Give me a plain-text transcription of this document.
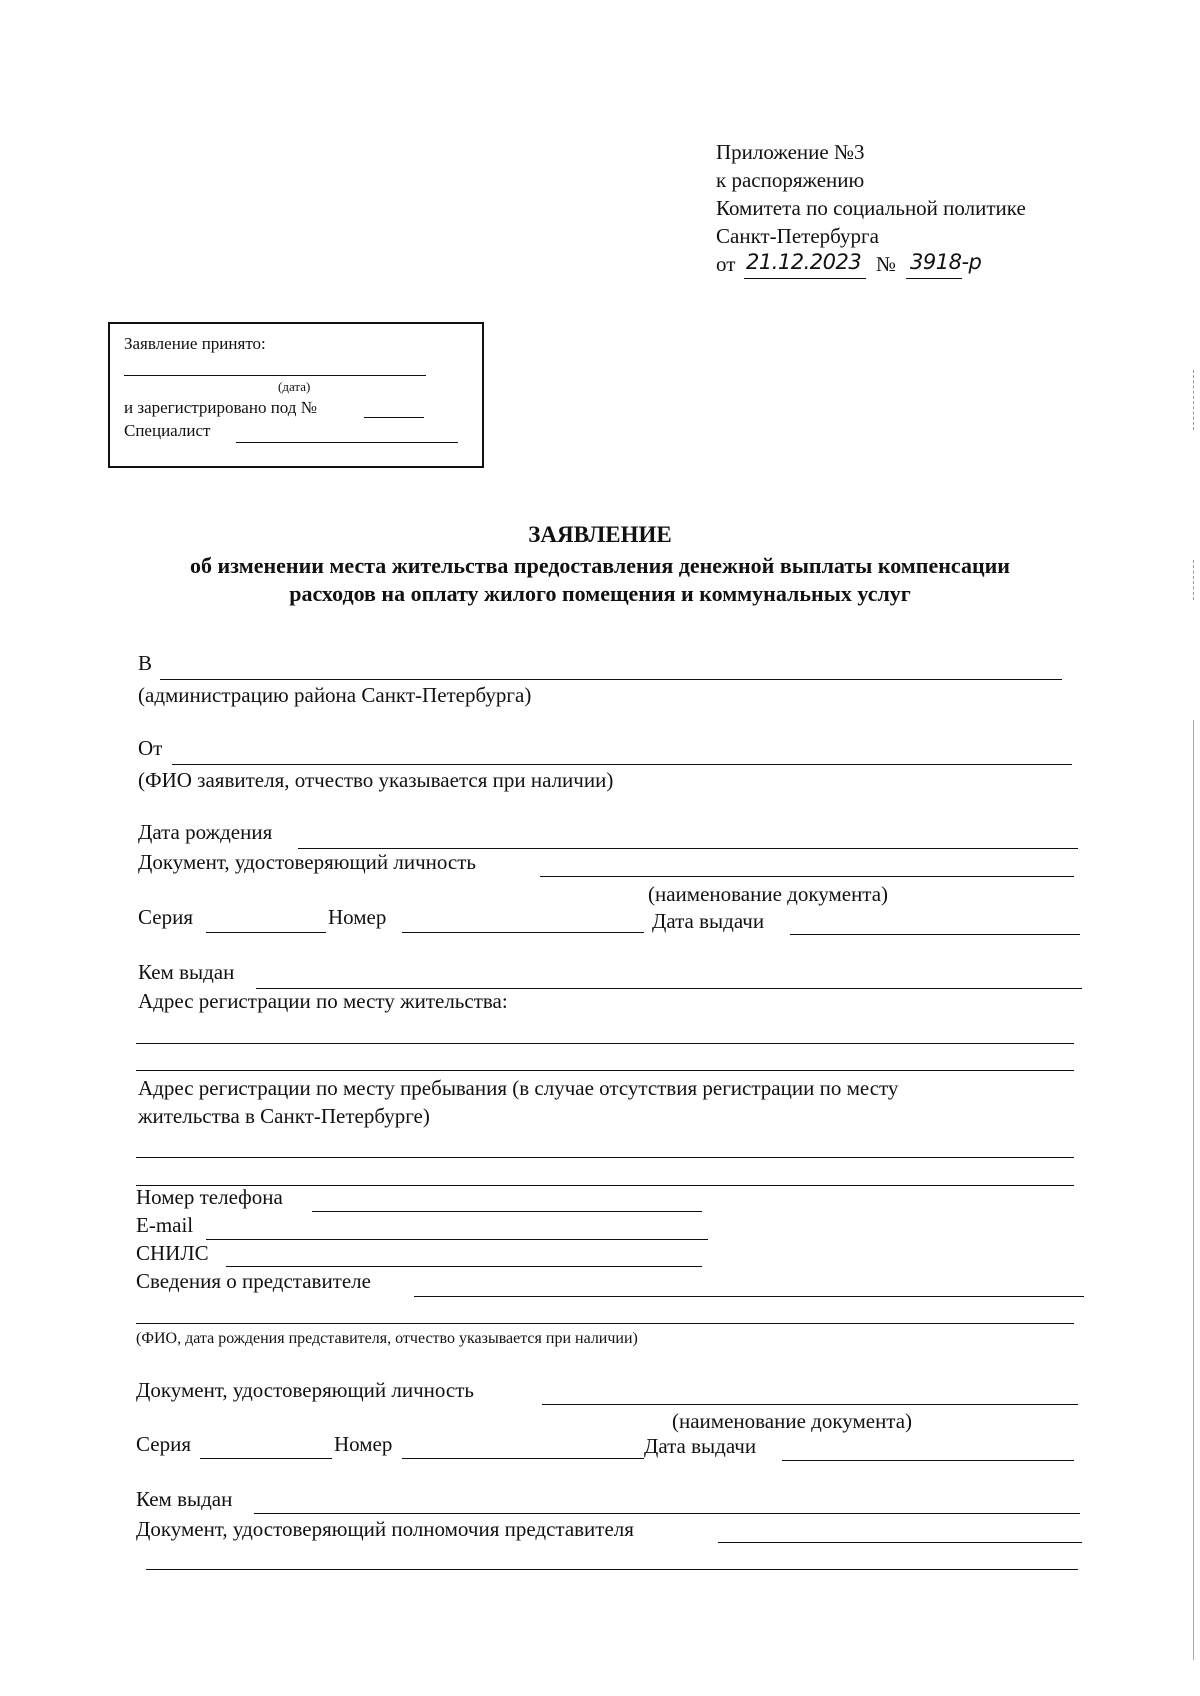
Приложение №3
к распоряжению
Комитета по социальной политике
Санкт-Петербурга
от 21.12.2023 № 3918-р
Заявление принято:
(дата)
и зарегистрировано под №
Специалист
ЗАЯВЛЕНИЕ
об изменении места жительства предоставления денежной выплаты компенсации
расходов на оплату жилого помещения и коммунальных услуг
В
(администрацию района Санкт-Петербурга)
От
(ФИО заявителя, отчество указывается при наличии)
Дата рождения
Документ, удостоверяющий личность
(наименование документа)
Серия	Номер	Дата выдачи
Кем выдан
Адрес регистрации по месту жительства:
Адрес регистрации по месту пребывания (в случае отсутствия регистрации по месту
жительства в Санкт-Петербурге)
Номер телефона
E-mail
СНИЛС
Сведения о представителе
(ФИО, дата рождения представителя, отчество указывается при наличии)
Документ, удостоверяющий личность
(наименование документа)
Серия	Номер	Дата выдачи
Кем выдан
Документ, удостоверяющий полномочия представителя
